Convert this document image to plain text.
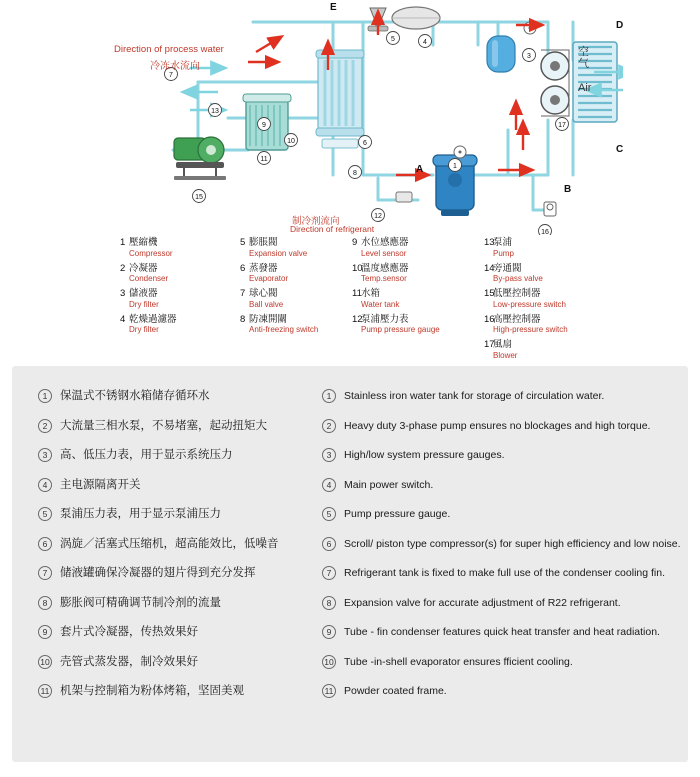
E
D
C
B
A
7
13
9
10
11
15
6
8
5	4
1
3
17
16
12
Direction of process water
冷冻水流向
制冷剂流向
Direction of refrigerant
空气
Air
1 壓縮機
Compressor
2 冷凝器
Condenser
3 儲液器
Dry filter
4 乾燥過濾器
Dry filter
5 膨脹閥
Expansion valve
6 蒸發器
Evaporator
7 球心閥
Ball valve
8 防凍開關
Anti-freezing switch
9 水位感應器
Level sensor
10溫度感應器
Temp.sensor
11水箱
Water tank
12泵浦壓力表
Pump pressure gauge
13泵浦
Pump
14旁通閥
By-pass valve
15低壓控制器
Low-pressure switch
16高壓控制器
High-pressure switch
17風扇
Blower
1	保温式不锈钢水箱储存循环水
2	大流量三相水泵，不易堵塞，起动扭矩大
3	高、低压力表，用于显示系统压力
4	主电源隔离开关
5	泵浦压力表，用于显示泵浦压力
6	涡旋／活塞式压缩机，超高能效比，低噪音
7	储液罐确保冷凝器的翅片得到充分发挥
8	膨胀阀可精确调节制冷剂的流量
9	套片式冷凝器，传热效果好
10 壳管式蒸发器，制冷效果好
11 机架与控制箱为粉体烤箱，坚固美观
1	Stainless iron water tank for storage of circulation water.
2	Heavy duty 3-phase pump ensures no blockages and high torque.
3	High/low system pressure gauges.
4	Main power switch.
5	Pump pressure gauge.
6	Scroll/ piston type compressor(s) for super high efficiency and low noise.
7	Refrigerant tank is fixed to make full use of the condenser cooling fin.
8	Expansion valve for accurate adjustment of R22 refrigerant.
9	Tube - fin condenser features quick heat transfer and heat radiation.
10 Tube -in-shell evaporator ensures fficient cooling.
11 Powder coated frame.
